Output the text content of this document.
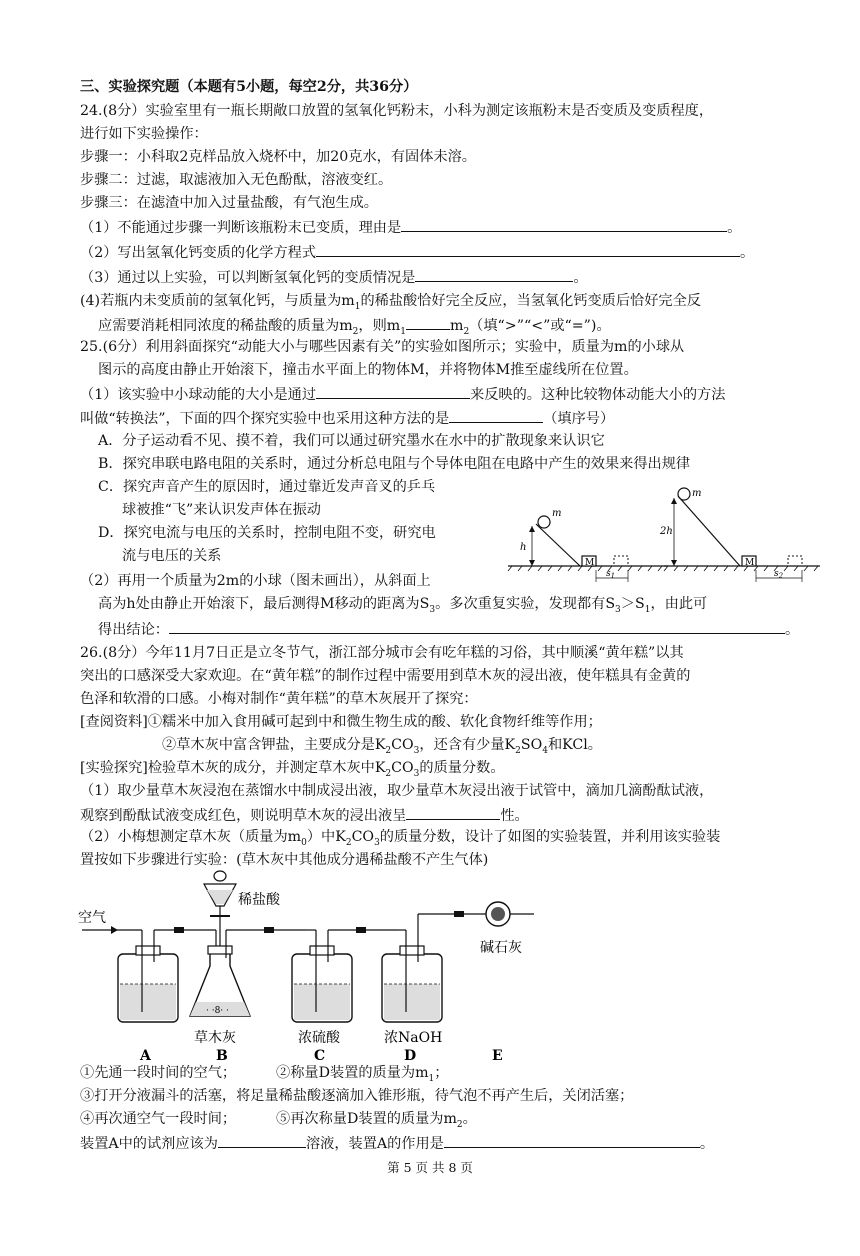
三、实验探究题（本题有5小题，每空2分，共36分）
24.(8分）实验室里有一瓶长期敞口放置的氢氧化钙粉末，小科为测定该瓶粉末是否变质及变质程度，
进行如下实验操作：
步骤一：小科取2克样品放入烧杯中，加20克水，有固体未溶。
步骤二：过滤，取滤液加入无色酚酞，溶液变红。
步骤三：在滤渣中加入过量盐酸，有气泡生成。
（1）不能通过步骤一判断该瓶粉末已变质，理由是	。
（2）写出氢氧化钙变质的化学方程式	。
（3）通过以上实验，可以判断氢氧化钙的变质情况是	。
(4)若瓶内未变质前的氢氧化钙，与质量为$m_1$的稀盐酸恰好完全反应，当氢氧化钙变质后恰好完全反
应需要消耗相同浓度的稀盐酸的质量为$m_2$，则$m_1$	$m_2$（填“>”“<”或“=”)。
25.(6分）利用斜面探究“动能大小与哪些因素有关”的实验如图所示；实验中，质量为m的小球从
图示的高度由静止开始滚下，撞击水平面上的物体M，并将物体M推至虚线所在位置。
（1）该实验中小球动能的大小是通过	来反映的。这种比较物体动能大小的方法
叫做“转换法”，下面的四个探究实验中也采用这种方法的是	（填序号）
A．分子运动看不见、摸不着，我们可以通过研究墨水在水中的扩散现象来认识它
B．探究串联电路电阻的关系时，通过分析总电阻与个导体电阻在电路中产生的效果来得出规律
C．探究声音产生的原因时，通过靠近发声音叉的乒乓
球被推“飞”来认识发声体在振动
D．探究电流与电压的关系时，控制电阻不变，研究电
流与电压的关系
（2）再用一个质量为2m的小球（图未画出），从斜面上
高为h处由静止开始滚下，最后测得M移动的距离为$S_3$。多次重复实验，发现都有$S_3>S_1$，由此可
得出结论：	。
m
h
M
$s_1$
m
2h
M
$s_2$
26.(8分）今年11月7日正是立冬节气，浙江部分城市会有吃年糕的习俗，其中顺溪“黄年糕”以其
突出的口感深受大家欢迎。在“黄年糕”的制作过程中需要用到草木灰的浸出液，使年糕具有金黄的
色泽和软滑的口感。小梅对制作“黄年糕”的草木灰展开了探究：
[查阅资料]①糯米中加入食用碱可起到中和微生物生成的酸、软化食物纤维等作用；
②草木灰中富含钾盐，主要成分是$K_2CO_3$，还含有少量$K_2SO_4$和KCl。
[实验探究]检验草木灰的成分，并测定草木灰中$K_2CO_3$的质量分数。
（1）取少量草木灰浸泡在蒸馏水中制成浸出液，取少量草木灰浸出液于试管中，滴加几滴酚酞试液，
观察到酚酞试液变成红色，则说明草木灰的浸出液呈	性。
（2）小梅想测定草木灰（质量为$m_0$）中$K_2CO_3$的质量分数，设计了如图的实验装置，并利用该实验装
置按如下步骤进行实验：(草木灰中其他成分遇稀盐酸不产生气体)
空气
稀盐酸
· ·8· ·
碱石灰
草木灰	浓硫酸	浓NaOH
A	B	C	D	E
①先通一段时间的空气；	②称量D装置的质量为$m_1$；
③打开分液漏斗的活塞，将足量稀盐酸逐滴加入锥形瓶，待气泡不再产生后，关闭活塞；
④再次通空气一段时间；	⑤再次称量D装置的质量为$m_2$。
装置A中的试剂应该为	溶液，装置A的作用是	。
第 5 页 共 8 页
